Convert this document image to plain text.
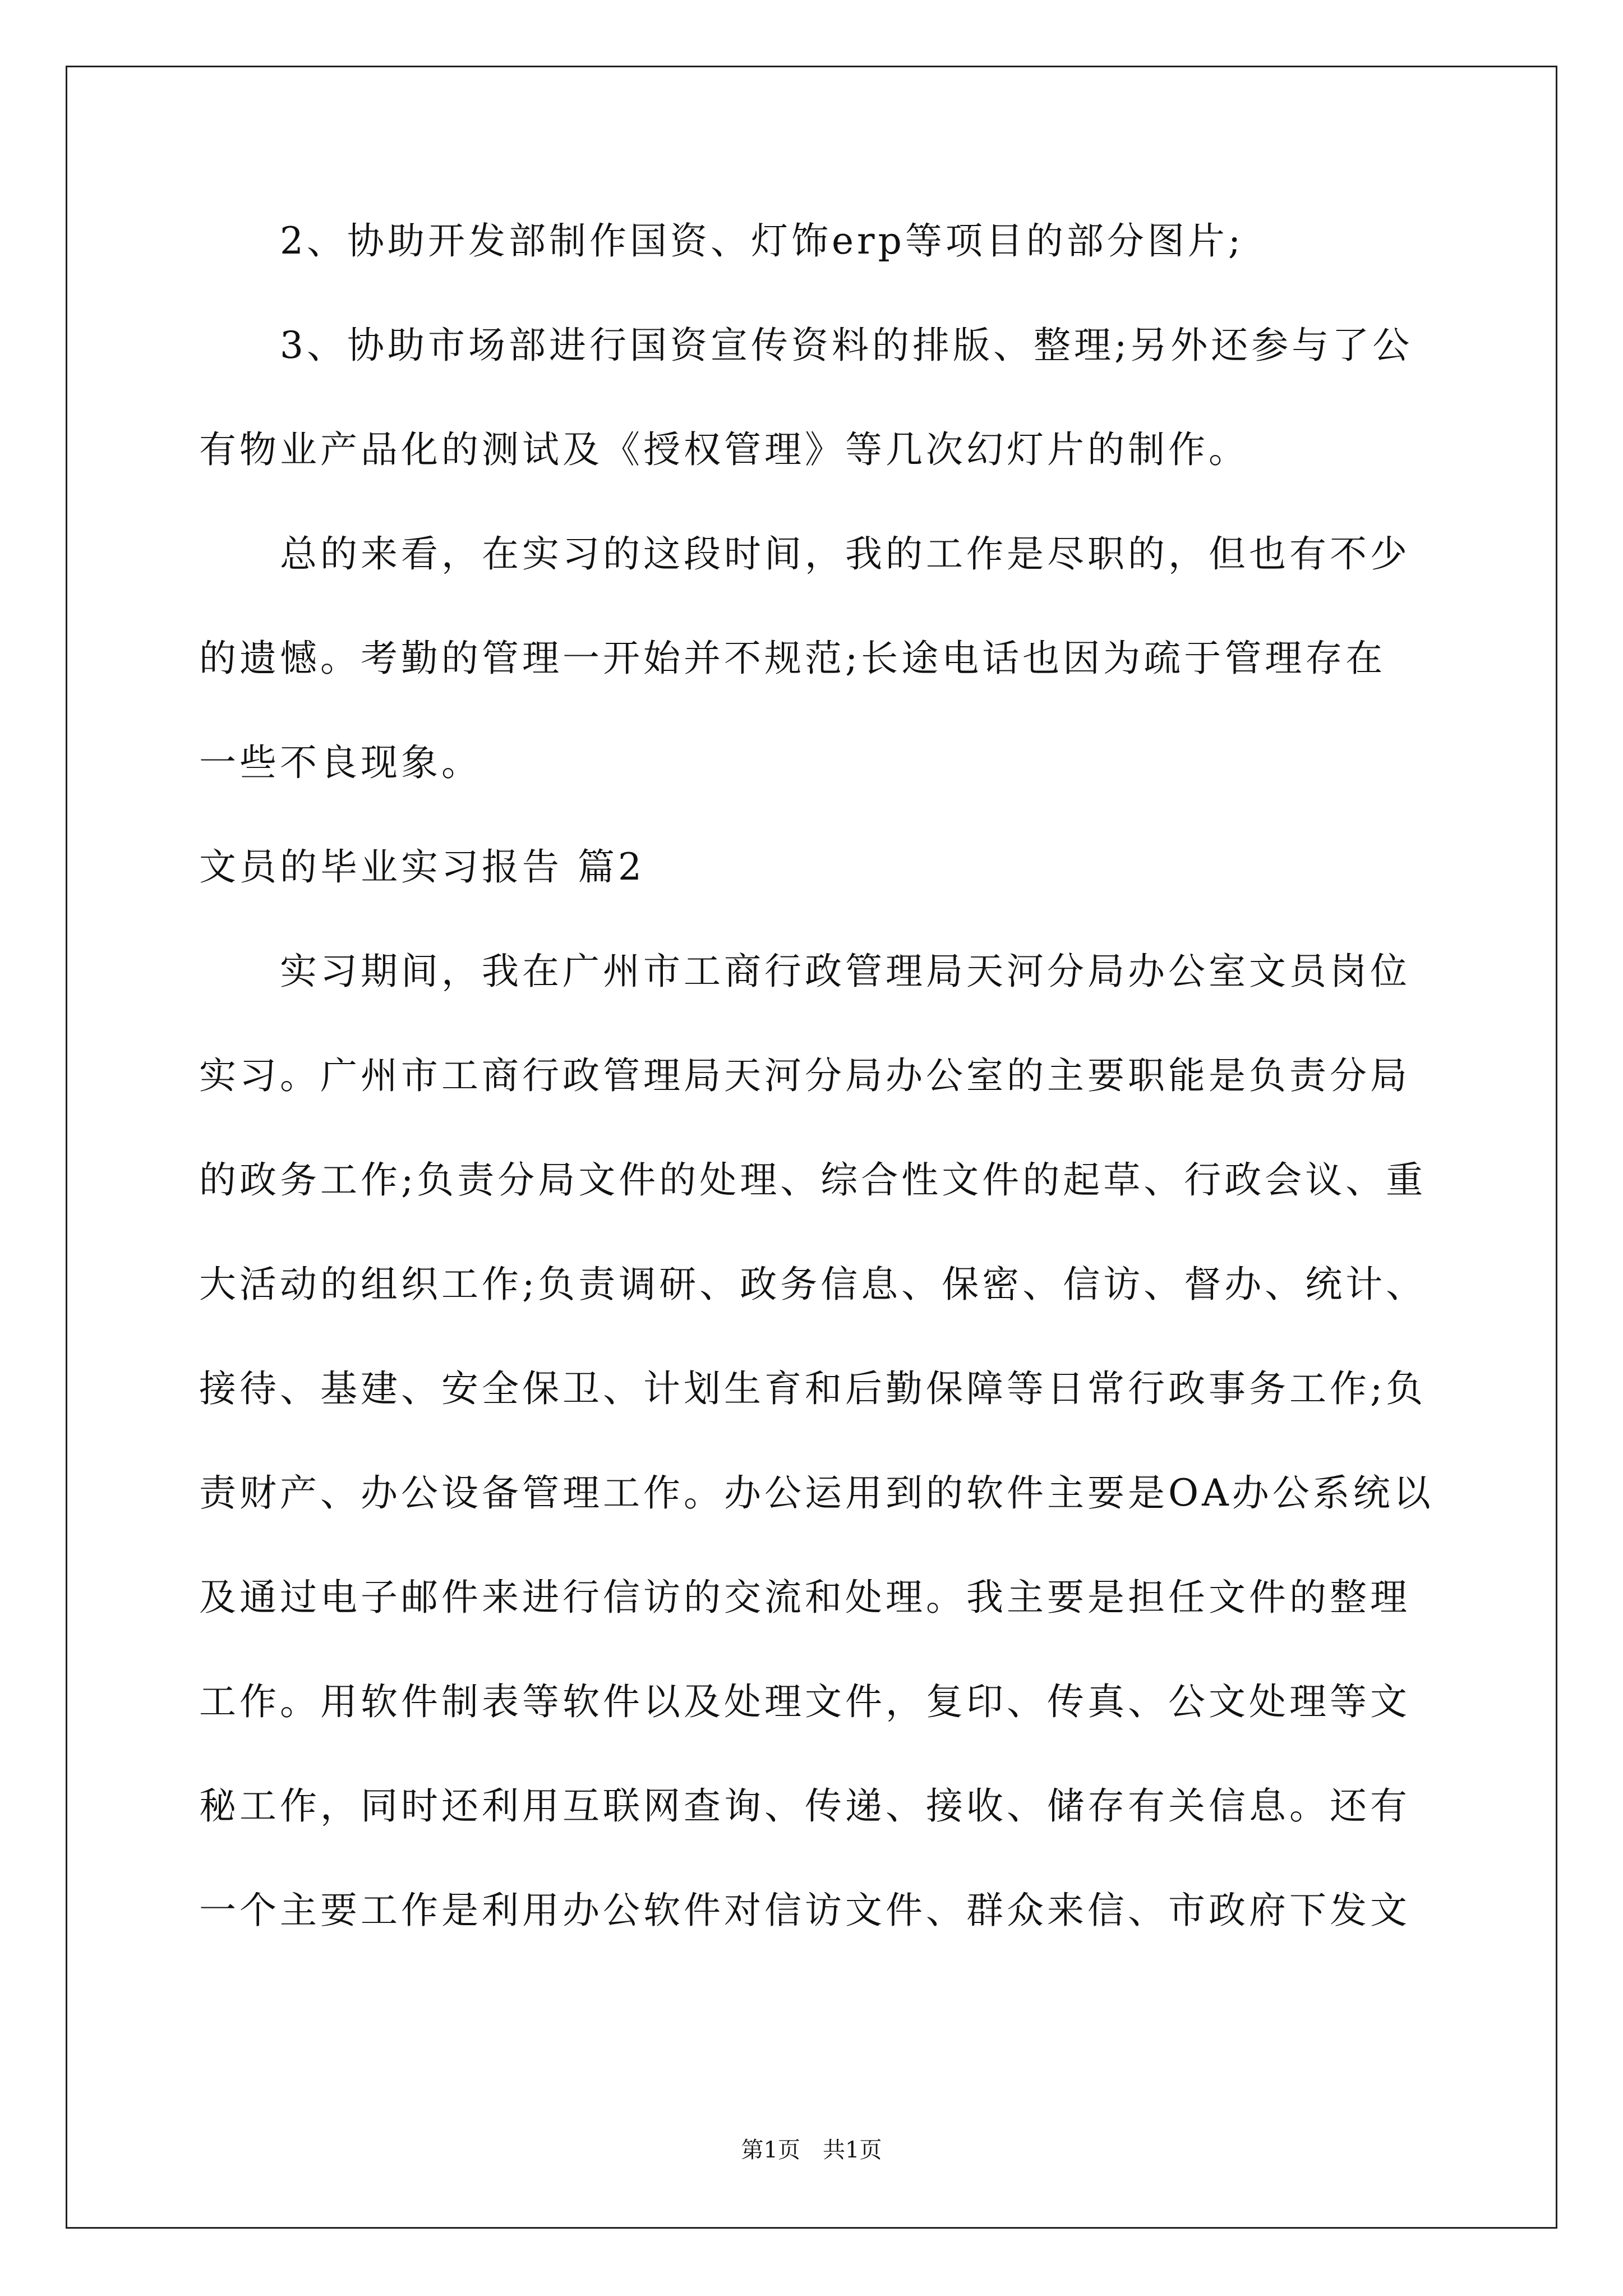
　　2、协助开发部制作国资、灯饰erp等项目的部分图片;
　　3、协助市场部进行国资宣传资料的排版、整理;另外还参与了公
有物业产品化的测试及《授权管理》等几次幻灯片的制作。
　　总的来看，在实习的这段时间，我的工作是尽职的，但也有不少
的遗憾。考勤的管理一开始并不规范;长途电话也因为疏于管理存在
一些不良现象。
文员的毕业实习报告 篇2
　　实习期间，我在广州市工商行政管理局天河分局办公室文员岗位
实习。广州市工商行政管理局天河分局办公室的主要职能是负责分局
的政务工作;负责分局文件的处理、综合性文件的起草、行政会议、重
大活动的组织工作;负责调研、政务信息、保密、信访、督办、统计、
接待、基建、安全保卫、计划生育和后勤保障等日常行政事务工作;负
责财产、办公设备管理工作。办公运用到的软件主要是OA办公系统以
及通过电子邮件来进行信访的交流和处理。我主要是担任文件的整理
工作。用软件制表等软件以及处理文件，复印、传真、公文处理等文
秘工作，同时还利用互联网查询、传递、接收、储存有关信息。还有
一个主要工作是利用办公软件对信访文件、群众来信、市政府下发文
第1页　共1页
